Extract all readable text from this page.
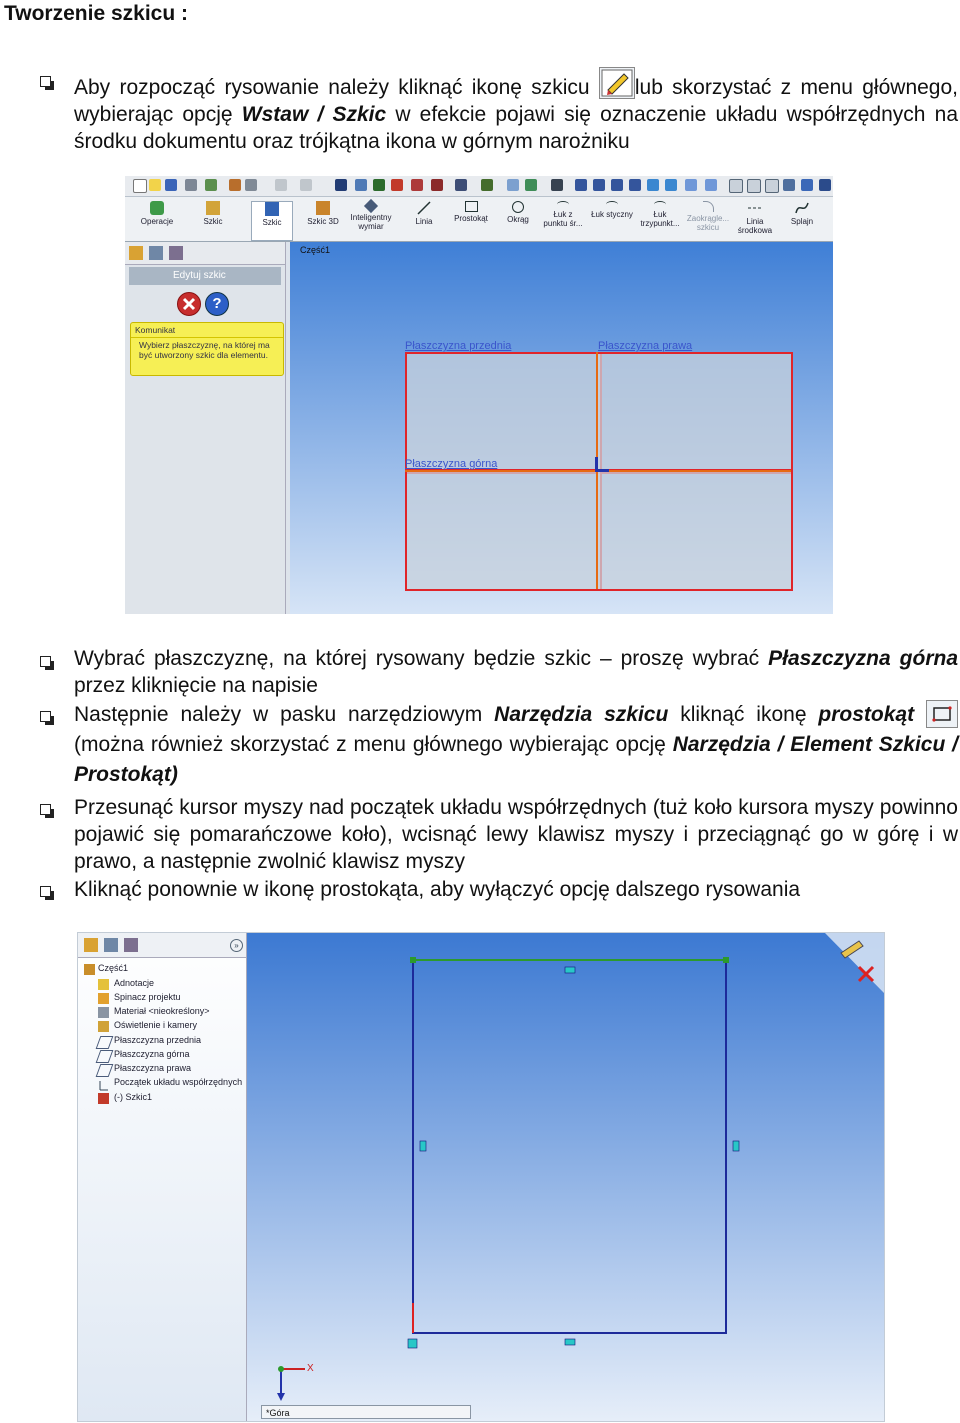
Tworzenie szkicu :
Aby rozpocząć rysowanie należy kliknąć ikonę szkicu lub skorzystać z menu głównego, wybierając opcję Wstaw / Szkic w efekcie pojawi się oznaczenie układu współrzędnych na środku dokumentu oraz trójkątna ikona w górnym narożniku
Operacje	Szkic	Szkic	Szkic 3D	Inteligentny wymiar
Linia	Prostokąt	Okrąg
Łuk z punktu śr...
Łuk styczny	Łuk trzypunkt...
Zaokrągle... szkicu
Linia środkowa
Splajn
Edytuj szkic
?
Komunikat
Wybierz płaszczyznę, na której ma być utworzony szkic dla elementu.
Część1
Płaszczyzna przednia	Płaszczyzna prawa
Płaszczyzna górna
Wybrać płaszczyznę, na której rysowany będzie szkic – proszę wybrać Płaszczyzna górna przez kliknięcie na napisie
Następnie należy w pasku narzędziowym Narzędzia szkicu kliknąć ikonę prostokąt (można również skorzystać z menu głównego wybierając opcję Narzędzia / Element Szkicu / Prostokąt)
Przesunąć kursor myszy nad początek układu współrzędnych (tuż koło kursora myszy powinno pojawić się pomarańczowe koło), wcisnąć lewy klawisz myszy i przeciągnąć go w górę i w prawo, a następnie zwolnić klawisz myszy
Kliknąć ponownie w ikonę prostokąta, aby wyłączyć opcję dalszego rysowania
»
Część1
Adnotacje
Spinacz projektu
Materiał <nieokreślony>
Oświetlenie i kamery
Płaszczyzna przednia
Płaszczyzna górna
Płaszczyzna prawa
Początek układu współrzędnych
(-) Szkic1
X
*Góra
